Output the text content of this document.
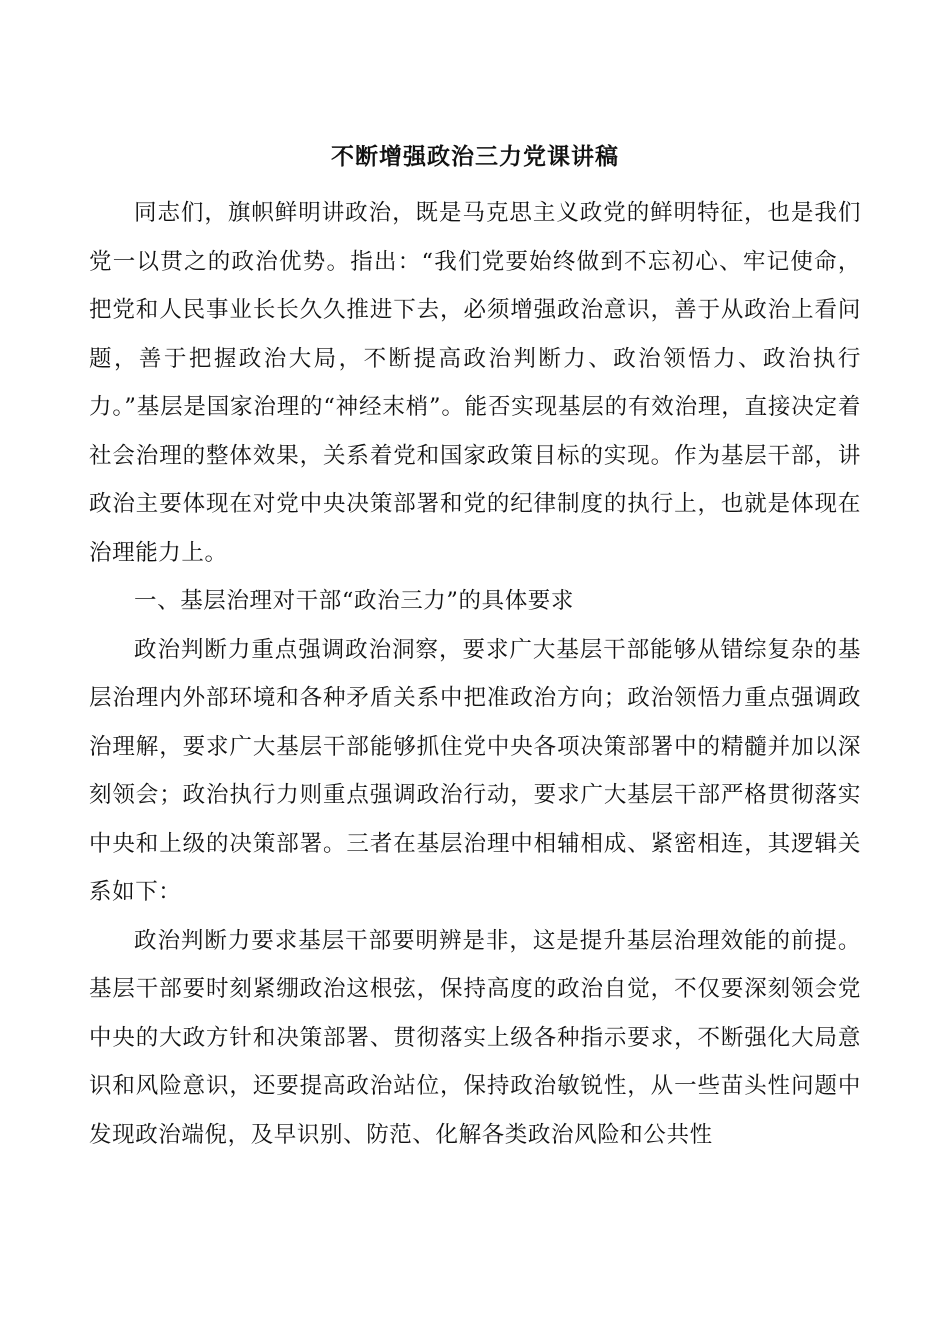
不断增强政治三力党课讲稿

同志们，旗帜鲜明讲政治，既是马克思主义政党的鲜明特征，也是我们党一以贯之的政治优势。指出：“我们党要始终做到不忘初心、牢记使命，把党和人民事业长长久久推进下去，必须增强政治意识，善于从政治上看问题，善于把握政治大局，不断提高政治判断力、政治领悟力、政治执行力。”基层是国家治理的“神经末梢”。能否实现基层的有效治理，直接决定着社会治理的整体效果，关系着党和国家政策目标的实现。作为基层干部，讲政治主要体现在对党中央决策部署和党的纪律制度的执行上，也就是体现在治理能力上。

一、基层治理对干部“政治三力”的具体要求

政治判断力重点强调政治洞察，要求广大基层干部能够从错综复杂的基层治理内外部环境和各种矛盾关系中把准政治方向；政治领悟力重点强调政治理解，要求广大基层干部能够抓住党中央各项决策部署中的精髓并加以深刻领会；政治执行力则重点强调政治行动，要求广大基层干部严格贯彻落实中央和上级的决策部署。三者在基层治理中相辅相成、紧密相连，其逻辑关系如下：

政治判断力要求基层干部要明辨是非，这是提升基层治理效能的前提。基层干部要时刻紧绷政治这根弦，保持高度的政治自觉，不仅要深刻领会党中央的大政方针和决策部署、贯彻落实上级各种指示要求，不断强化大局意识和风险意识，还要提高政治站位，保持政治敏锐性，从一些苗头性问题中发现政治端倪，及早识别、防范、化解各类政治风险和公共性
